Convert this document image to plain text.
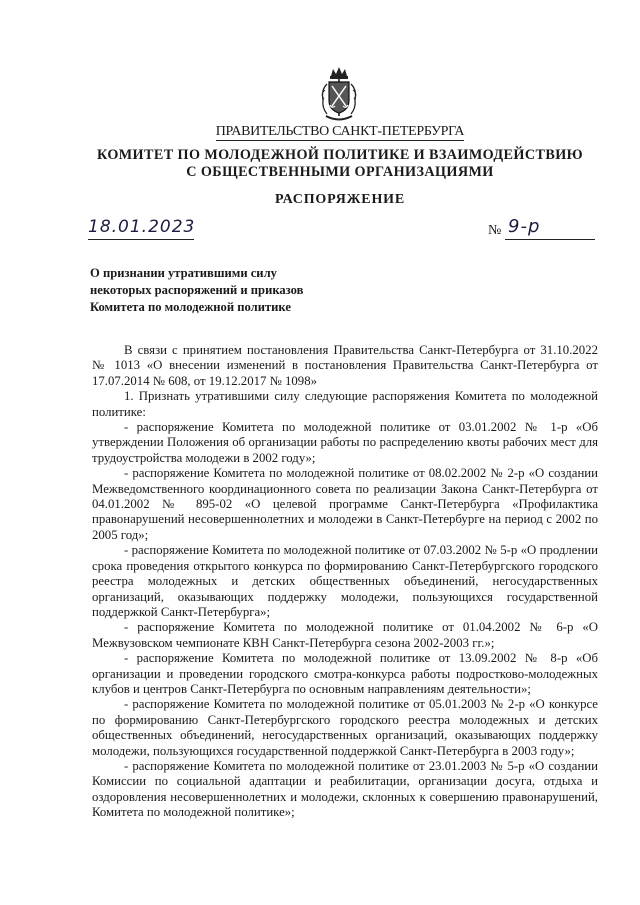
ПРАВИТЕЛЬСТВО САНКТ-ПЕТЕРБУРГА
КОМИТЕТ ПО МОЛОДЕЖНОЙ ПОЛИТИКЕ И ВЗАИМОДЕЙСТВИЮ
С ОБЩЕСТВЕННЫМИ ОРГАНИЗАЦИЯМИ
РАСПОРЯЖЕНИЕ
18.01.2023	№ 9-р
О признании утратившими силу
некоторых распоряжений и приказов
Комитета по молодежной политике

В связи с принятием постановления Правительства Санкт-Петербурга от 31.10.2022 № 1013 «О внесении изменений в постановления Правительства Санкт-Петербурга от 17.07.2014 № 608, от 19.12.2017 № 1098»

1. Признать утратившими силу следующие распоряжения Комитета по молодежной политике:

- распоряжение Комитета по молодежной политике от 03.01.2002 № 1-р «Об утверждении Положения об организации работы по распределению квоты рабочих мест для трудоустройства молодежи в 2002 году»;

- распоряжение Комитета по молодежной политике от 08.02.2002 № 2-р «О создании Межведомственного координационного совета по реализации Закона Санкт-Петербурга от 04.01.2002 № 895-02 «О целевой программе Санкт-Петербурга «Профилактика правонарушений несовершеннолетних и молодежи в Санкт-Петербурге на период с 2002 по 2005 год»;

- распоряжение Комитета по молодежной политике от 07.03.2002 № 5-р «О продлении срока проведения открытого конкурса по формированию Санкт-Петербургского городского реестра молодежных и детских общественных объединений, негосударственных организаций, оказывающих поддержку молодежи, пользующихся государственной поддержкой Санкт-Петербурга»;

- распоряжение Комитета по молодежной политике от 01.04.2002 № 6-р «О Межвузовском чемпионате КВН Санкт-Петербурга сезона 2002-2003 гг.»;

- распоряжение Комитета по молодежной политике от 13.09.2002 № 8-р «Об организации и проведении городского смотра-конкурса работы подростково-молодежных клубов и центров Санкт-Петербурга по основным направлениям деятельности»;

- распоряжение Комитета по молодежной политике от 05.01.2003 № 2-р «О конкурсе по формированию Санкт-Петербургского городского реестра молодежных и детских общественных объединений, негосударственных организаций, оказывающих поддержку молодежи, пользующихся государственной поддержкой Санкт-Петербурга в 2003 году»;

- распоряжение Комитета по молодежной политике от 23.01.2003 № 5-р «О создании Комиссии по социальной адаптации и реабилитации, организации досуга, отдыха и оздоровления несовершеннолетних и молодежи, склонных к совершению правонарушений, Комитета по молодежной политике»;
